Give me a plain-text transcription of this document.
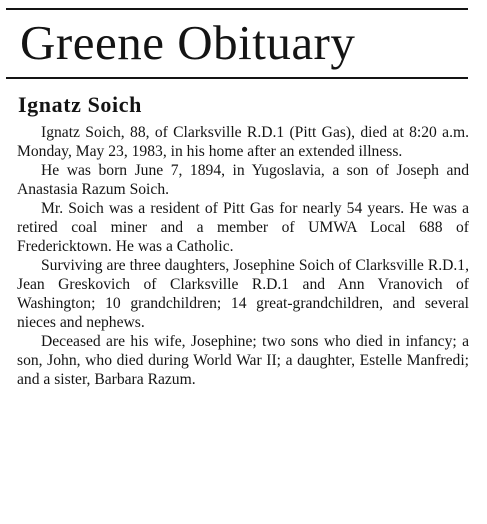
Greene Obituary
Ignatz Soich

Ignatz Soich, 88, of Clarksville R.D.1 (Pitt Gas), died at 8:20 a.m. Monday, May 23, 1983, in his home after an extended illness.

He was born June 7, 1894, in Yugoslavia, a son of Joseph and Anastasia Razum Soich.

Mr. Soich was a resident of Pitt Gas for nearly 54 years. He was a retired coal miner and a member of UMWA Local 688 of Fredericktown. He was a Catholic.

Surviving are three daughters, Josephine Soich of Clarksville R.D.1, Jean Greskovich of Clarksville R.D.1 and Ann Vranovich of Washington; 10 grandchildren; 14 great-grandchildren, and several nieces and nephews.

Deceased are his wife, Josephine; two sons who died in infancy; a son, John, who died during World War II; a daughter, Estelle Manfredi; and a sister, Barbara Razum.
